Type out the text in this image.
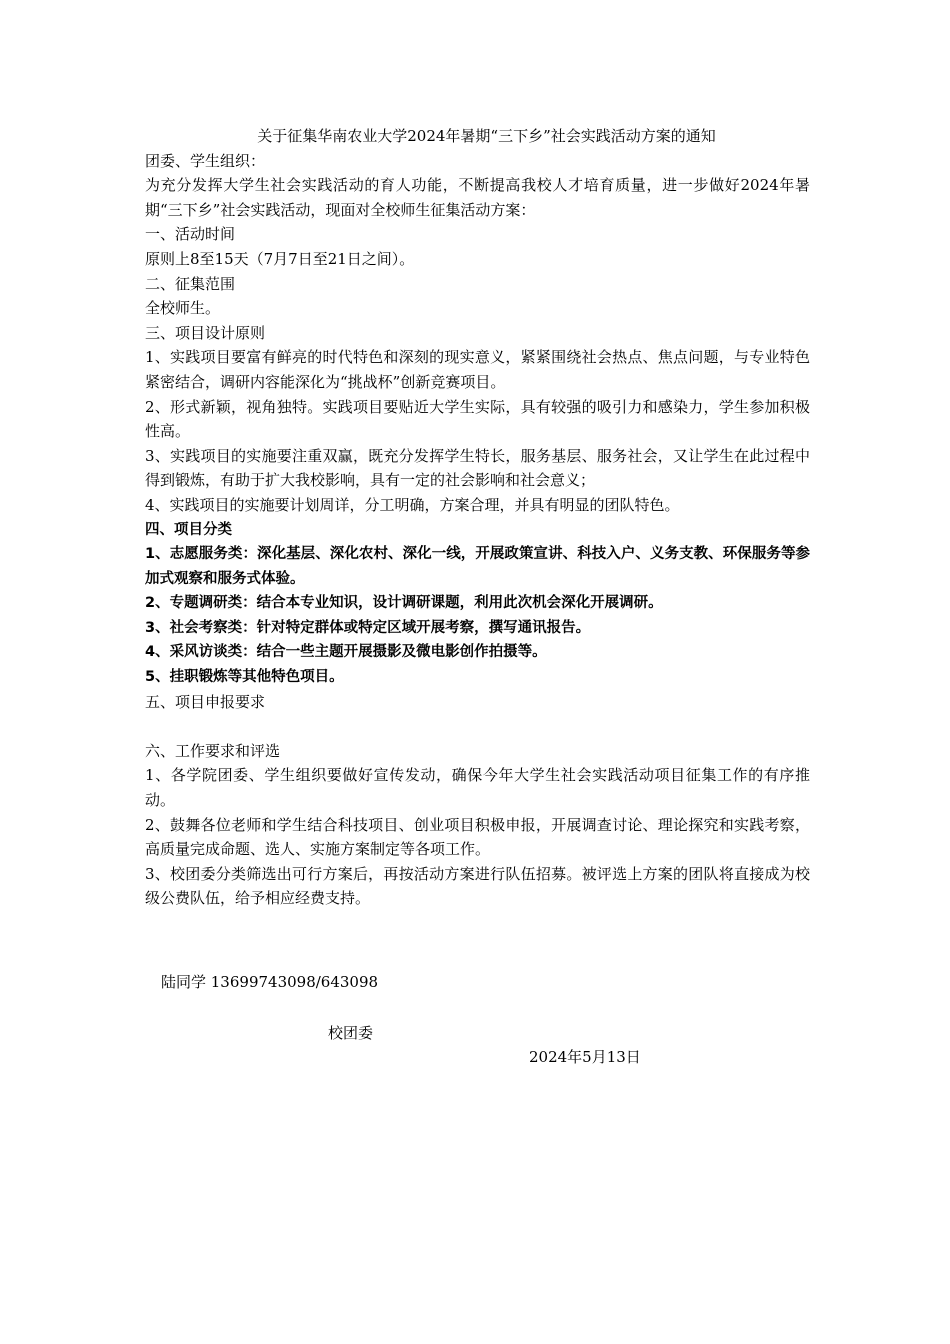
关于征集华南农业大学2024年暑期“三下乡”社会实践活动方案的通知
团委、学生组织：
为充分发挥大学生社会实践活动的育人功能，不断提高我校人才培育质量，进一步做好2024年暑期“三下乡”社会实践活动，现面对全校师生征集活动方案：
一、活动时间
原则上8至15天（7月7日至21日之间）。
二、征集范围
全校师生。
三、项目设计原则
1、实践项目要富有鲜亮的时代特色和深刻的现实意义，紧紧围绕社会热点、焦点问题，与专业特色紧密结合，调研内容能深化为“挑战杯”创新竞赛项目。
2、形式新颖，视角独特。实践项目要贴近大学生实际，具有较强的吸引力和感染力，学生参加积极性高。
3、实践项目的实施要注重双赢，既充分发挥学生特长，服务基层、服务社会，又让学生在此过程中得到锻炼，有助于扩大我校影响，具有一定的社会影响和社会意义；
4、实践项目的实施要计划周详，分工明确，方案合理，并具有明显的团队特色。
四、项目分类
1、志愿服务类：深化基层、深化农村、深化一线，开展政策宣讲、科技入户、义务支教、环保服务等参加式观察和服务式体验。
2、专题调研类：结合本专业知识，设计调研课题，利用此次机会深化开展调研。
3、社会考察类：针对特定群体或特定区域开展考察，撰写通讯报告。
4、采风访谈类：结合一些主题开展摄影及微电影创作拍摄等。
5、挂职锻炼等其他特色项目。
五、项目申报要求
六、工作要求和评选
1、各学院团委、学生组织要做好宣传发动，确保今年大学生社会实践活动项目征集工作的有序推动。
2、鼓舞各位老师和学生结合科技项目、创业项目积极申报，开展调查讨论、理论探究和实践考察，高质量完成命题、选人、实施方案制定等各项工作。
3、校团委分类筛选出可行方案后，再按活动方案进行队伍招募。被评选上方案的团队将直接成为校级公费队伍，给予相应经费支持。
陆同学 13699743098/643098
校团委
2024年5月13日
